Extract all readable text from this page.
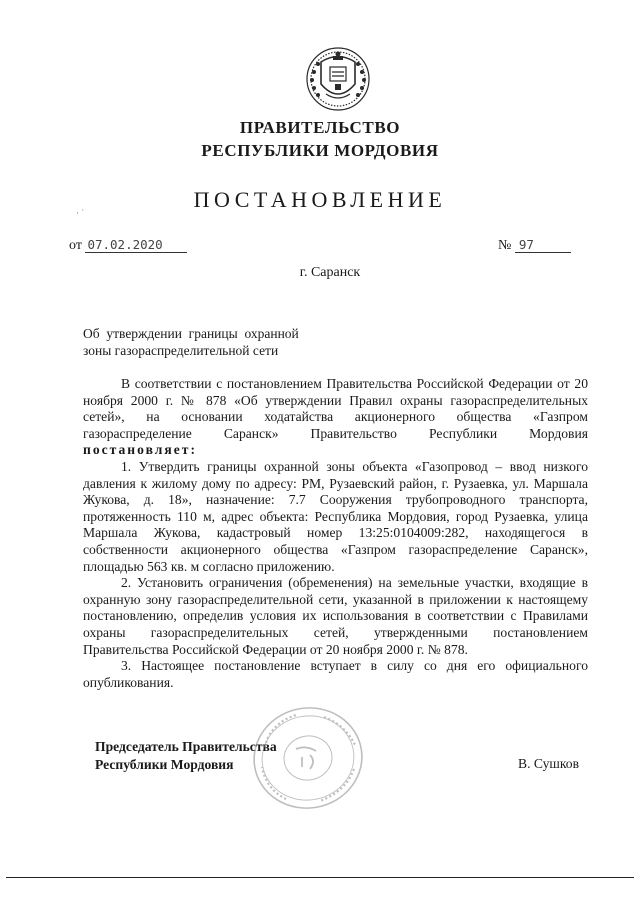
ПРАВИТЕЛЬСТВО
РЕСПУБЛИКИ МОРДОВИЯ
ПОСТАНОВЛЕНИЕ
· ˙
от 07.02.2020	№ 97
г. Саранск
Об  утверждении  границы  охранной
зоны газораспределительной сети

В соответствии с постановлением Правительства Российской Федерации от 20 ноября 2000 г. № 878 «Об утверждении Правил охраны газораспределительных сетей», на основании ходатайства акционерного общества «Газпром газораспределение Саранск» Правительство Республики Мордовия постановляет:

1. Утвердить границы охранной зоны объекта «Газопровод – ввод низкого давления к жилому дому по адресу: РМ, Рузаевский район, г. Рузаевка, ул. Маршала Жукова, д. 18», назначение: 7.7 Сооружения трубопроводного транспорта, протяженность 110 м, адрес объекта: Республика Мордовия, город Рузаевка, улица Маршала Жукова, кадастровый номер 13:25:0104009:282, находящегося в собственности акционерного общества «Газпром газораспределение Саранск», площадью 563 кв. м согласно приложению.

2. Установить ограничения (обременения) на земельные участки, входящие в охранную зону газораспределительной сети, указанной в приложении к настоящему постановлению, определив условия их использования в соответствии с Правилами охраны газораспределительных сетей, утвержденными постановлением Правительства Российской Федерации от 20 ноября 2000 г. № 878.

3. Настоящее постановление вступает в силу со дня его официального опубликования.

Председатель Правительства
Республики Мордовия	В. Сушков
